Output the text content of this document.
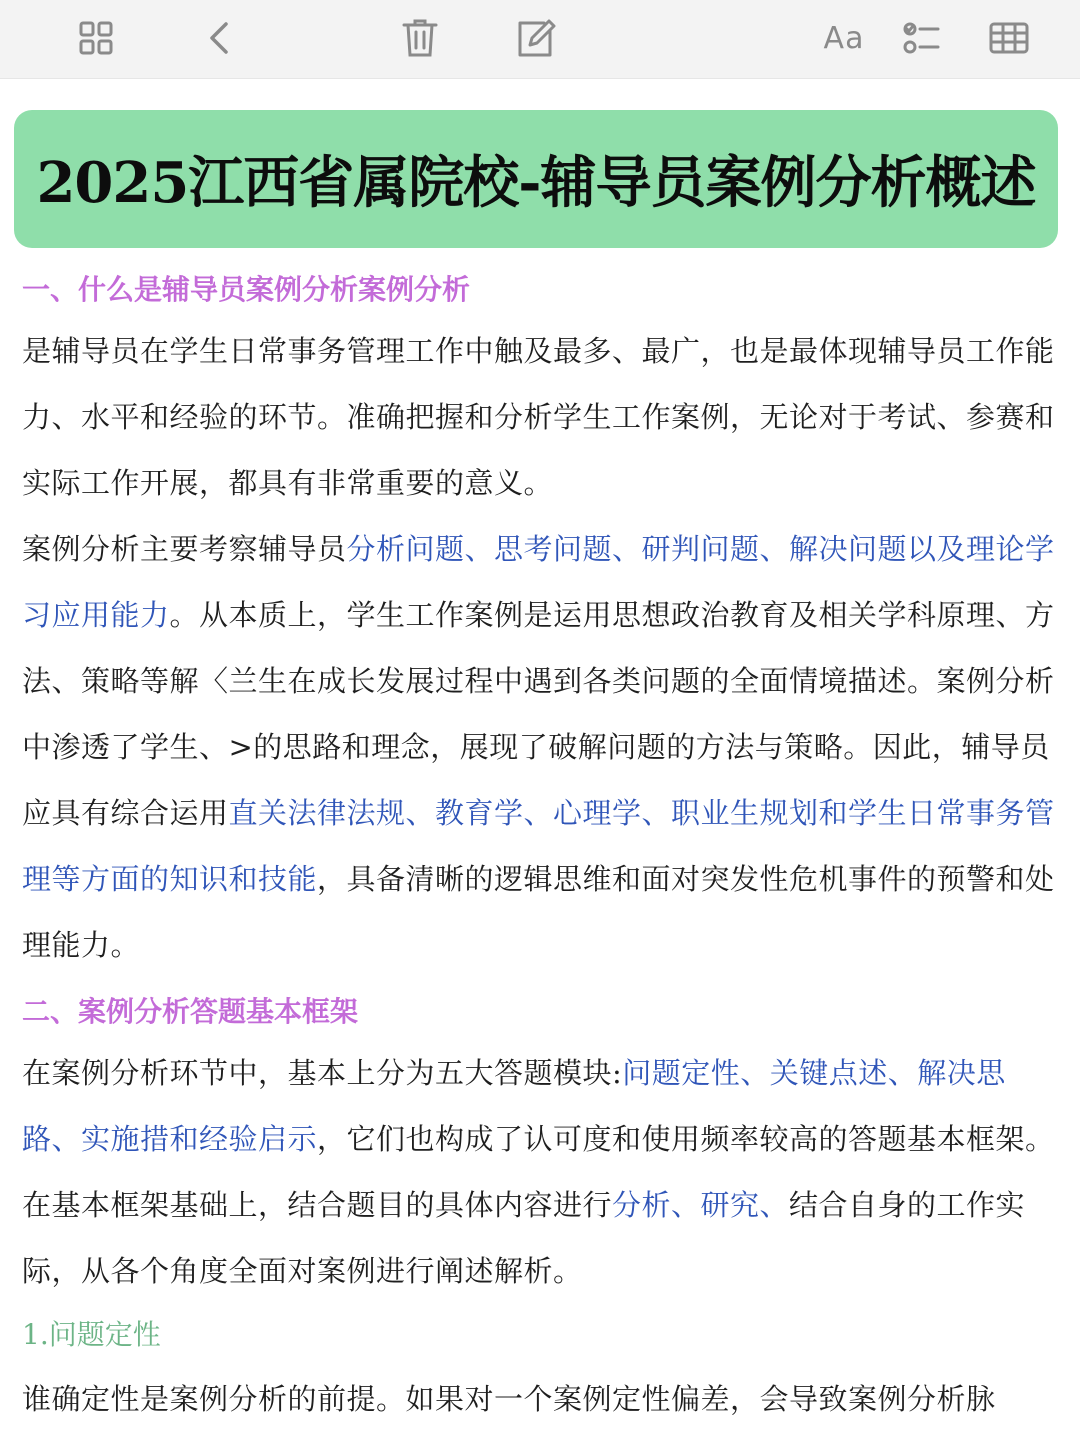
Aa
2025江西省属院校-辅导员案例分析概述
一、什么是辅导员案例分析案例分析

是辅导员在学生日常事务管理工作中触及最多、最广，也是最体现辅导员工作能力、水平和经验的环节。准确把握和分析学生工作案例，无论对于考试、参赛和实际工作开展，都具有非常重要的意义。

案例分析主要考察辅导员分析问题、思考问题、研判问题、解决问题以及理论学习应用能力。从本质上，学生工作案例是运用思想政治教育及相关学科原理、方法、策略等解〈兰生在成长发展过程中遇到各类问题的全面情境描述。案例分析中渗透了学生、>的思路和理念，展现了破解问题的方法与策略。因此，辅导员应具有综合运用直关法律法规、教育学、心理学、职业生规划和学生日常事务管理等方面的知识和技能，具备清晰的逻辑思维和面对突发性危机事件的预警和处理能力。

二、案例分析答题基本框架

在案例分析环节中，基本上分为五大答题模块:问题定性、关键点述、解决思路、实施措和经验启示，它们也构成了认可度和使用频率较高的答题基本框架。在基本框架基础上，结合题目的具体内容进行分析、研究、结合自身的工作实际，从各个角度全面对案例进行阐述解析。

1.问题定性

谁确定性是案例分析的前提。如果对一个案例定性偏差，会导致案例分析脉
